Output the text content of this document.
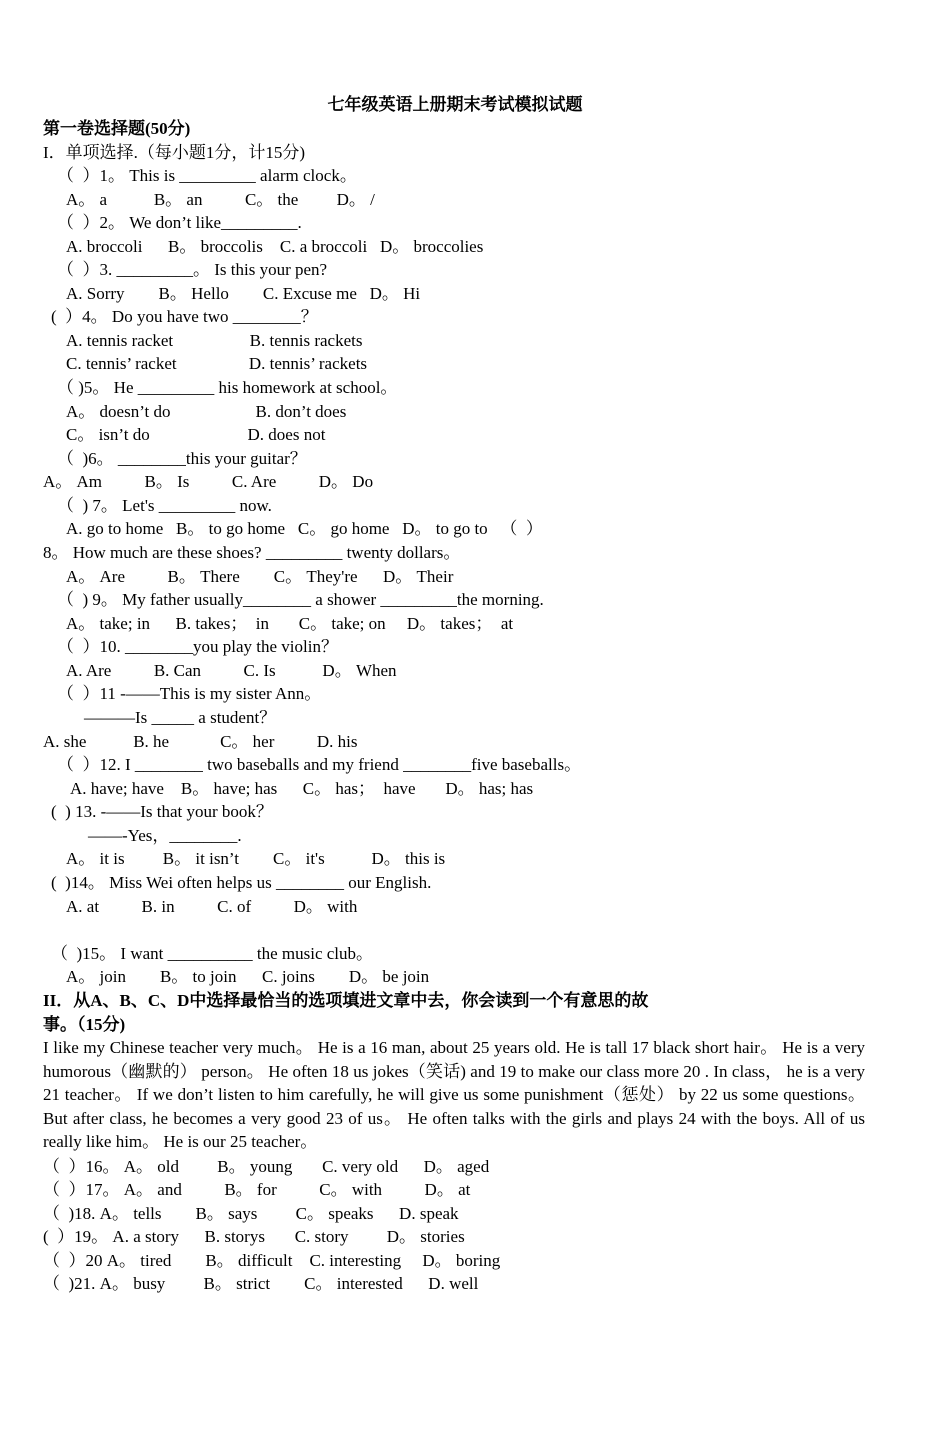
七年级英语上册期末考试模拟试题
第一卷选择题(50分)
I．单项选择.（每小题1分，计15分)
（  ）1。 This is _________ alarm clock。
A。 a           B。 an          C。 the         D。 /
（  ）2。 We don’t like_________.
A. broccoli      B。 broccolis    C. a broccoli   D。 broccolies
（  ）3. _________。 Is this your pen?
A. Sorry        B。 Hello        C. Excuse me   D。 Hi
(  ）4。 Do you have two ________？
A. tennis racket                  B. tennis rackets
C. tennis’ racket                 D. tennis’ rackets
（ )5。 He _________ his homework at school。
A。 doesn’t do                    B. don’t does
C。 isn’t do                       D. does not
（  )6。 ________this your guitar？
A。 Am          B。 Is          C. Are          D。 Do
（  ) 7。 Let's _________ now.
A. go to home   B。 to go home   C。 go home   D。 to go to   （  ）
8。 How much are these shoes? _________ twenty dollars。
A。 Are          B。 There        C。 They're      D。 Their
（  ) 9。 My father usually________ a shower _________the morning.
A。 take; in      B. takes；  in       C。 take; on     D。 takes；  at
（  ）10. ________you play the violin？
A. Are          B. Can          C. Is           D。 When
（  ）11 -——This is my sister Ann。
———Is _____ a student？
A. she           B. he            C。 her          D. his
（  ）12. I ________ two baseballs and my friend ________five baseballs。
A. have; have    B。 have; has      C。 has；  have       D。 has; has
(  ) 13. -——Is that your book？
——-Yes，________.
A。 it is         B。 it isn’t        C。 it's           D。 this is
(  )14。 Miss Wei often helps us ________ our English.
A. at          B. in          C. of          D。 with
（  )15。 I want __________ the music club。
A。 join        B。 to join      C. joins        D。 be join
II．从A、B、C、D中选择最恰当的选项填进文章中去，你会读到一个有意思的故
事。（15分)
I like my Chinese teacher very much。 He is a 16 man, about 25 years old. He is tall 17 black short hair。 He is a very humorous（幽默的） person。 He often 18 us jokes（笑话) and 19 to make our class more 20 . In class， he is a very 21 teacher。 If we don’t listen to him carefully, he will give us some punishment（惩处） by 22 us some questions。 But after class, he becomes a very good 23 of us。 He often talks with the girls and plays 24 with the boys. All of us really like him。 He is our 25 teacher。
（  ）16。 A。 old         B。 young       C. very old      D。 aged
（  ）17。 A。 and          B。 for          C。 with          D。 at
（  )18. A。 tells        B。 says         C。 speaks      D. speak
(  ）19。 A. a story      B. storys       C. story         D。 stories
（  ）20 A。 tired        B。 difficult    C. interesting     D。 boring
（  )21. A。 busy         B。 strict        C。 interested      D. well
